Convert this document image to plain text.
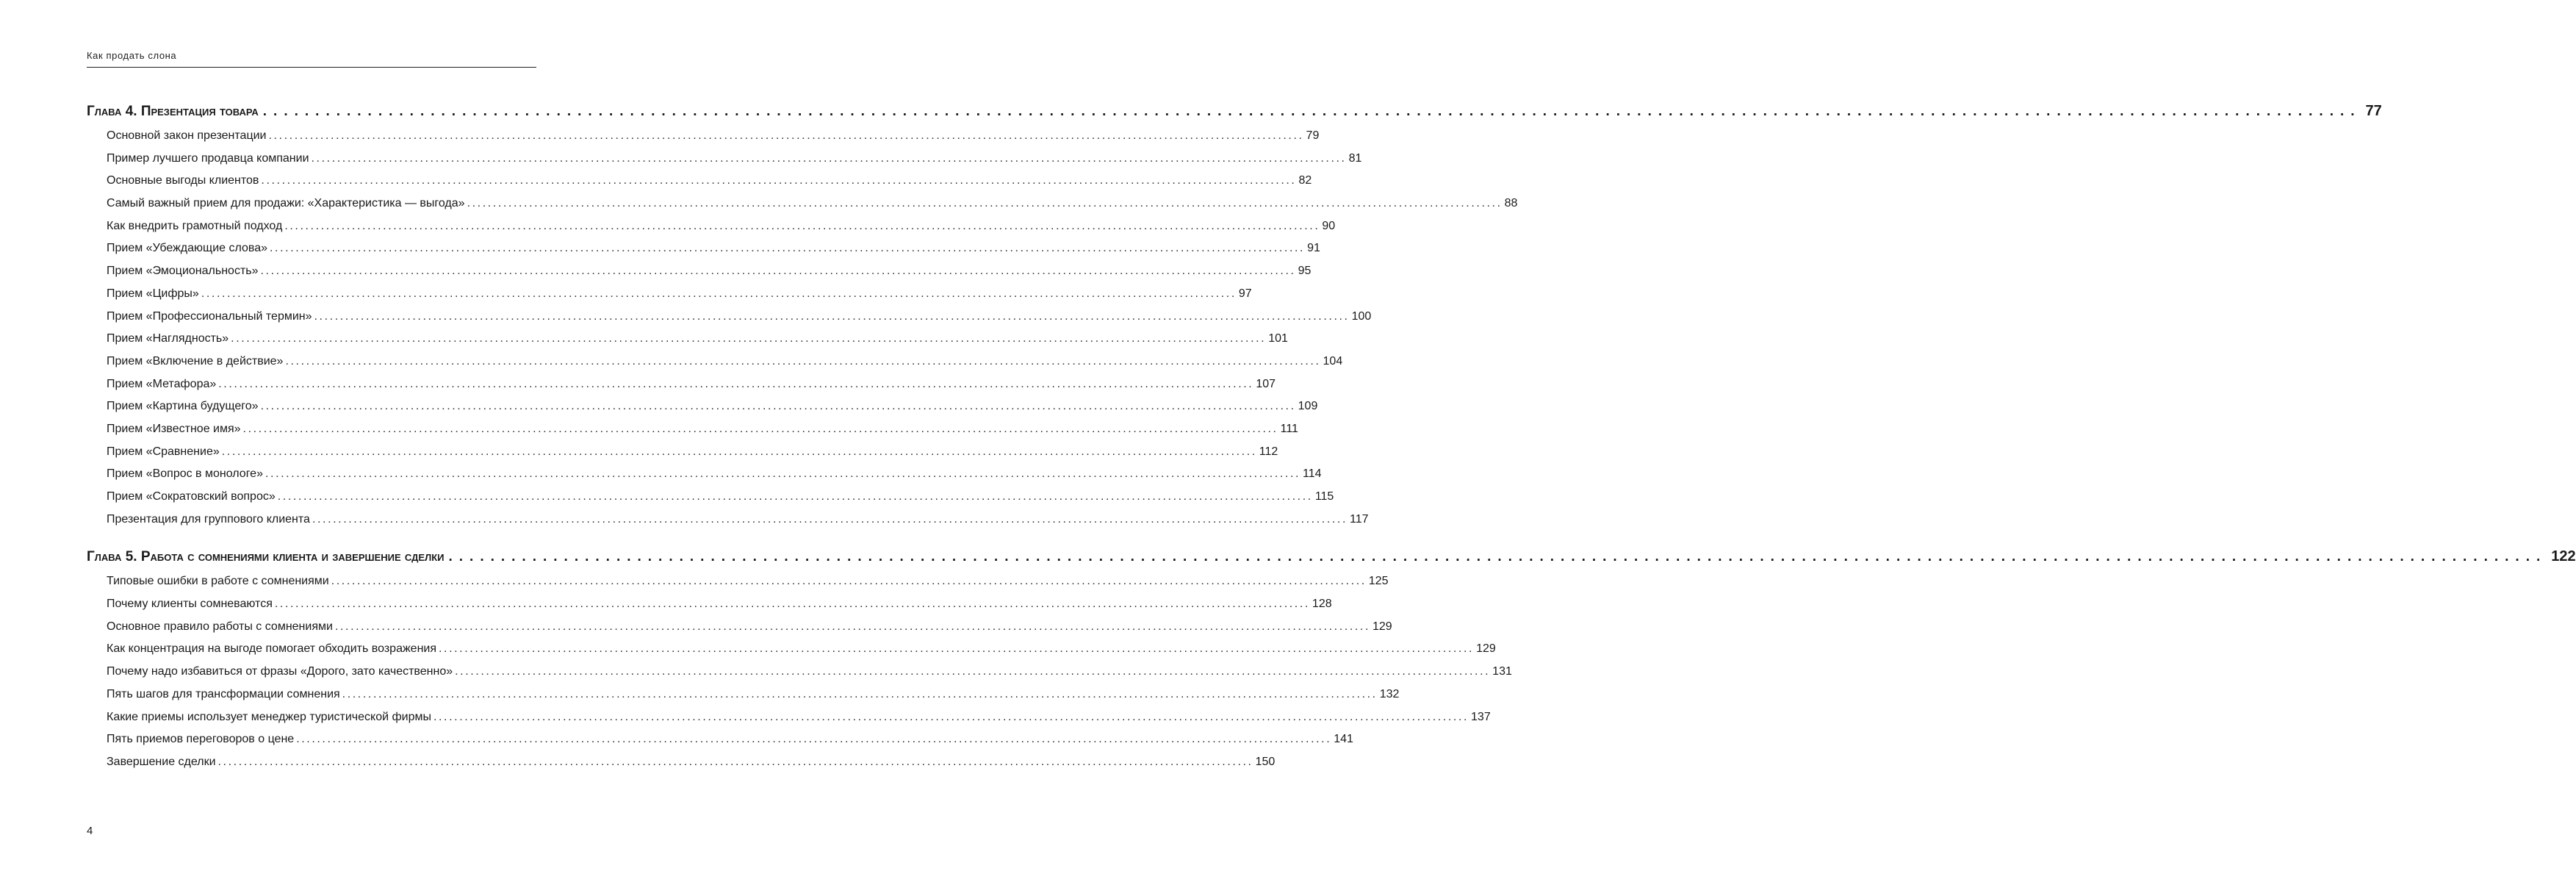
Как продать слона
Глава 4. Презентация товара ........................................................................................................................................................................................................ 77
Основной закон презентации ........................................................................................................................................................................................................ 79
Пример лучшего продавца компании ........................................................................................................................................................................................................ 81
Основные выгоды клиентов ........................................................................................................................................................................................................ 82
Самый важный прием для продажи: «Характеристика — выгода» ........................................................................................................................................................................................................ 88
Как внедрить грамотный подход ........................................................................................................................................................................................................ 90
Прием «Убеждающие слова» ........................................................................................................................................................................................................ 91
Прием «Эмоциональность» ........................................................................................................................................................................................................ 95
Прием «Цифры» ........................................................................................................................................................................................................ 97
Прием «Профессиональный термин» ........................................................................................................................................................................................................ 100
Прием «Наглядность» ........................................................................................................................................................................................................ 101
Прием «Включение в действие» ........................................................................................................................................................................................................ 104
Прием «Метафора» ........................................................................................................................................................................................................ 107
Прием «Картина будущего» ........................................................................................................................................................................................................ 109
Прием «Известное имя» ........................................................................................................................................................................................................ 111
Прием «Сравнение» ........................................................................................................................................................................................................ 112
Прием «Вопрос в монологе» ........................................................................................................................................................................................................ 114
Прием «Сократовский вопрос» ........................................................................................................................................................................................................ 115
Презентация для группового клиента ........................................................................................................................................................................................................ 117
Глава 5. Работа с сомнениями клиента и завершение сделки ........................................................................................................................................................................................................ 122
Типовые ошибки в работе с сомнениями ........................................................................................................................................................................................................ 125
Почему клиенты сомневаются ........................................................................................................................................................................................................ 128
Основное правило работы с сомнениями ........................................................................................................................................................................................................ 129
Как концентрация на выгоде помогает обходить возражения ........................................................................................................................................................................................................ 129
Почему надо избавиться от фразы «Дорого, зато качественно» ........................................................................................................................................................................................................ 131
Пять шагов для трансформации сомнения ........................................................................................................................................................................................................ 132
Какие приемы использует менеджер туристической фирмы ........................................................................................................................................................................................................ 137
Пять приемов переговоров о цене ........................................................................................................................................................................................................ 141
Завершение сделки ........................................................................................................................................................................................................ 150
4
